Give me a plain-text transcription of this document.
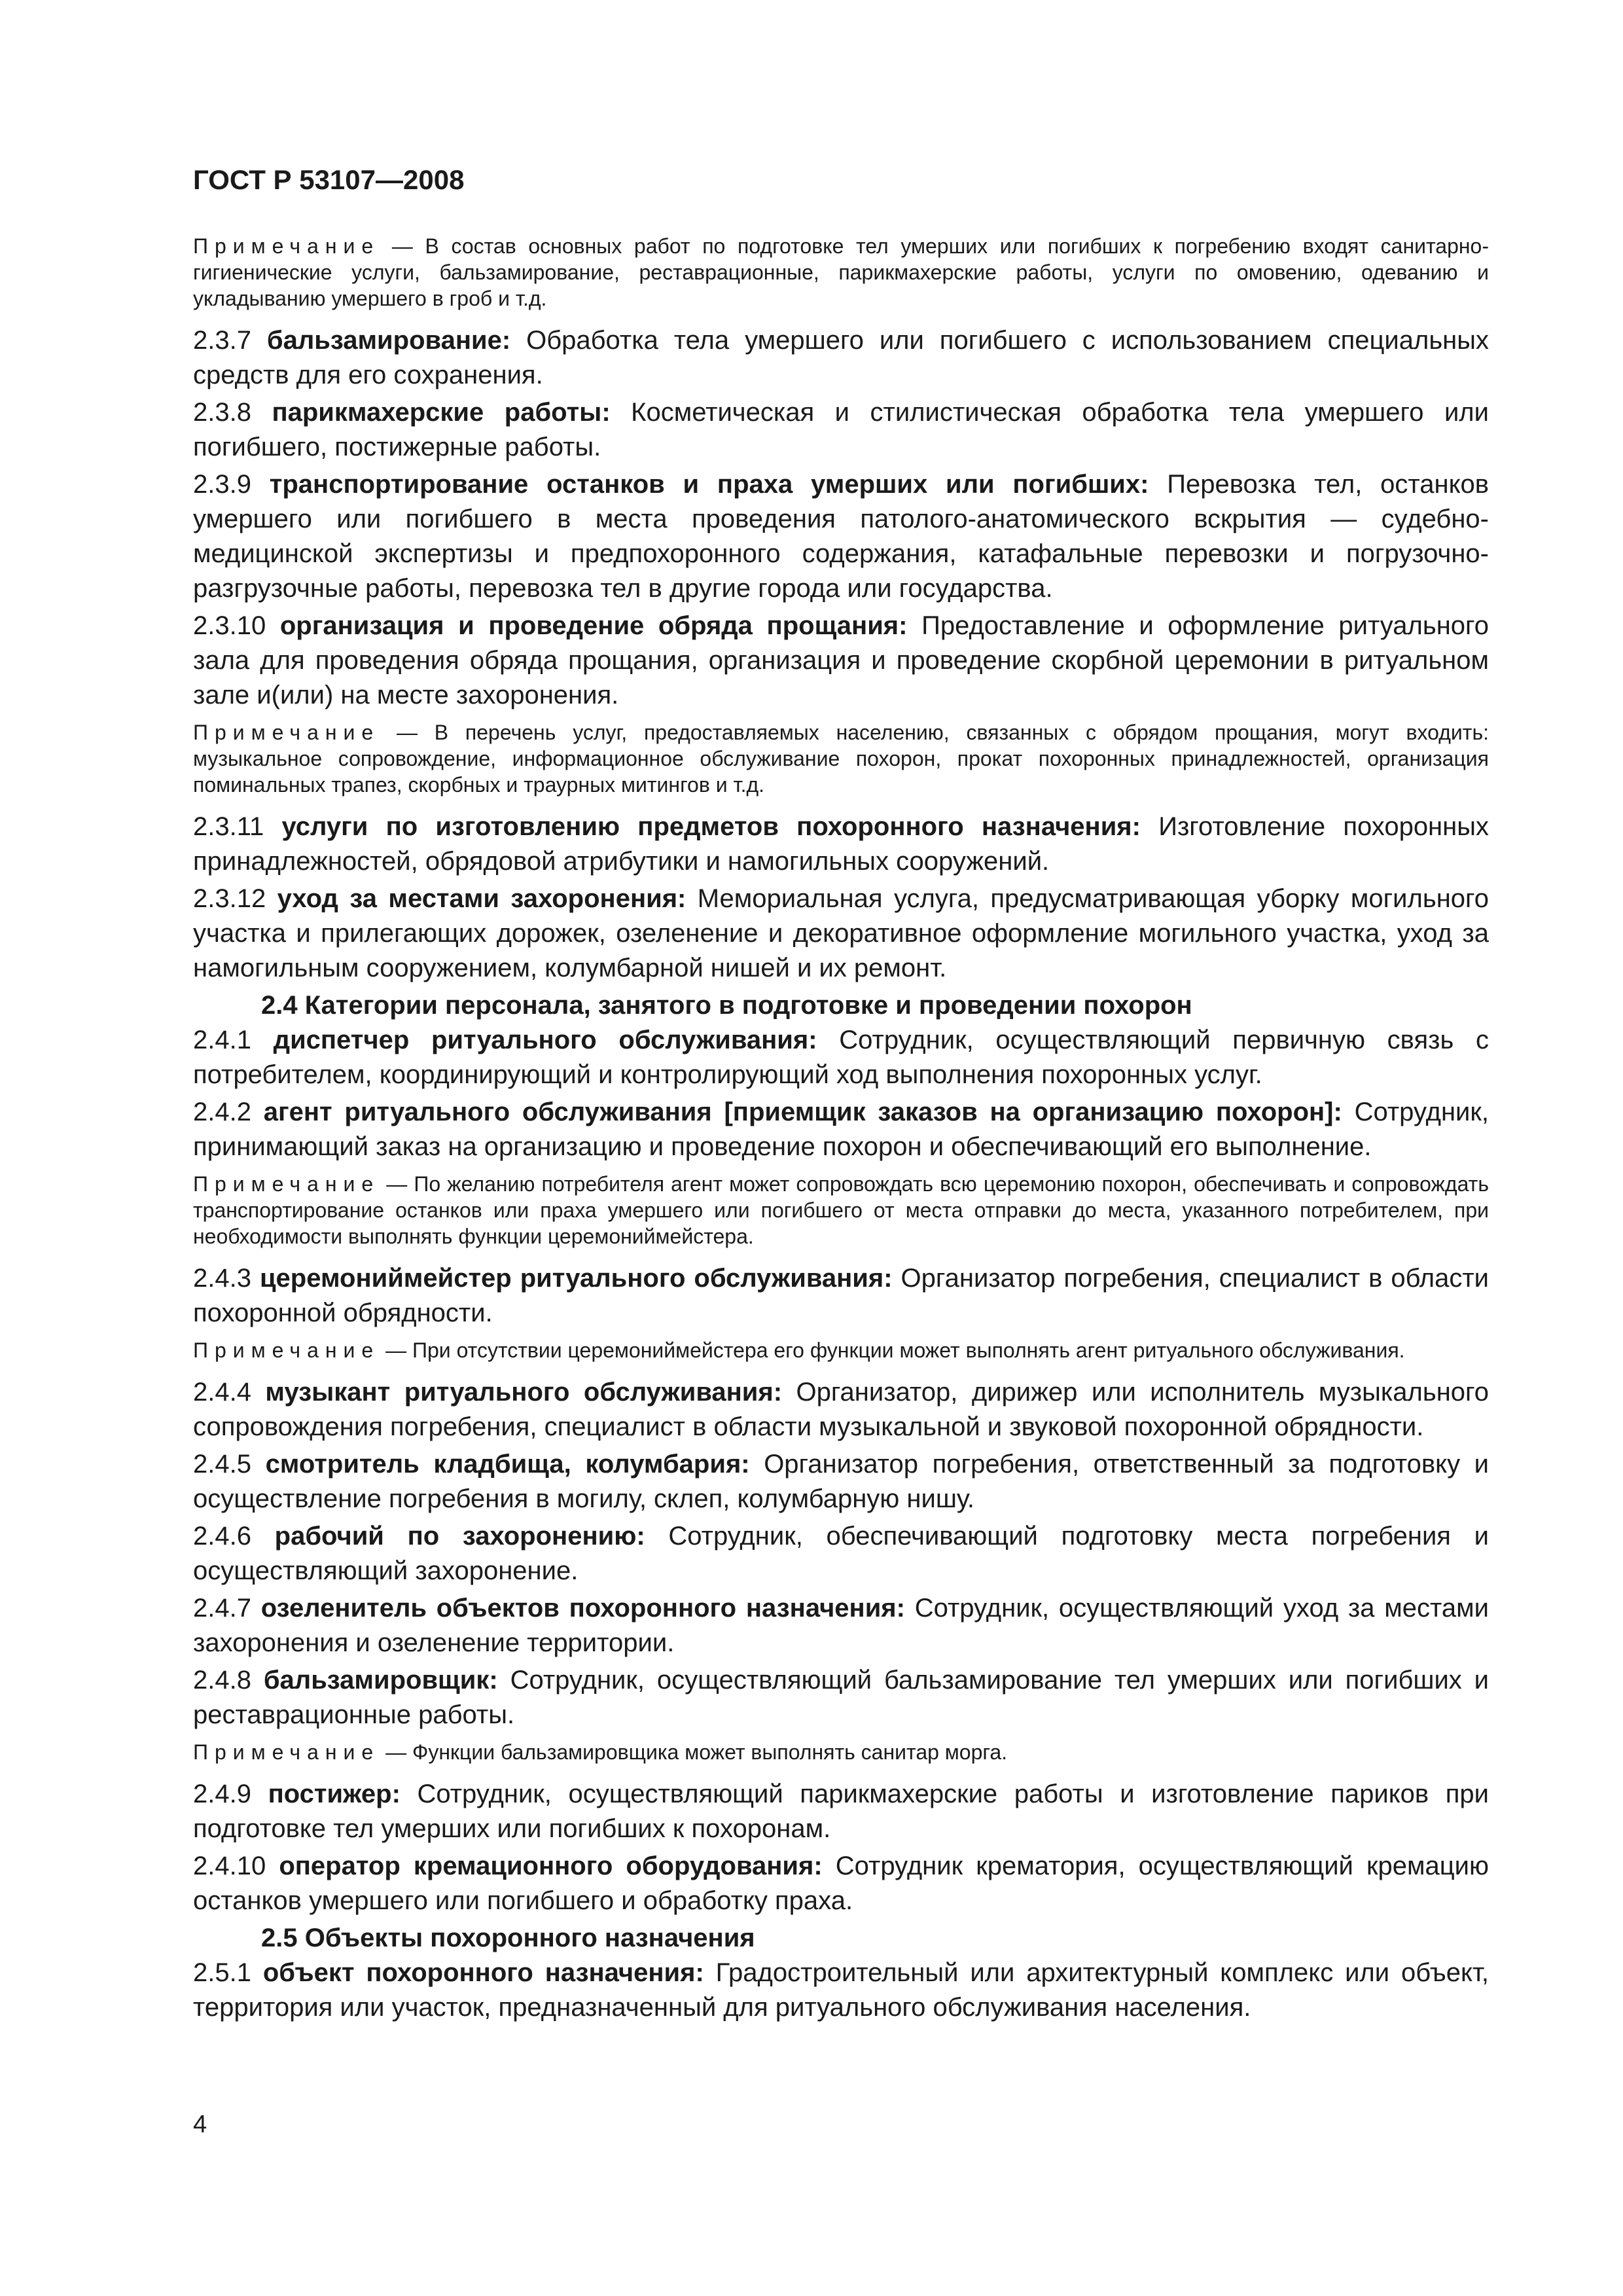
ГОСТ Р 53107—2008

Примечание — В состав основных работ по подготовке тел умерших или погибших к погребению входят санитарно-гигиенические услуги, бальзамирование, реставрационные, парикмахерские работы, услуги по омовению, одеванию и укладыванию умершего в гроб и т.д.

2.3.7 бальзамирование: Обработка тела умершего или погибшего с использованием специальных средств для его сохранения.

2.3.8 парикмахерские работы: Косметическая и стилистическая обработка тела умершего или погибшего, постижерные работы.

2.3.9 транспортирование останков и праха умерших или погибших: Перевозка тел, останков умершего или погибшего в места проведения патолого-анатомического вскрытия — судебно-медицинской экспертизы и предпохоронного содержания, катафальные перевозки и погрузочно-разгрузочные работы, перевозка тел в другие города или государства.

2.3.10 организация и проведение обряда прощания: Предоставление и оформление ритуального зала для проведения обряда прощания, организация и проведение скорбной церемонии в ритуальном зале и(или) на месте захоронения.

Примечание — В перечень услуг, предоставляемых населению, связанных с обрядом прощания, могут входить: музыкальное сопровождение, информационное обслуживание похорон, прокат похоронных принадлежностей, организация поминальных трапез, скорбных и траурных митингов и т.д.

2.3.11 услуги по изготовлению предметов похоронного назначения: Изготовление похоронных принадлежностей, обрядовой атрибутики и намогильных сооружений.

2.3.12 уход за местами захоронения: Мемориальная услуга, предусматривающая уборку могильного участка и прилегающих дорожек, озеленение и декоративное оформление могильного участка, уход за намогильным сооружением, колумбарной нишей и их ремонт.

2.4 Категории персонала, занятого в подготовке и проведении похорон

2.4.1 диспетчер ритуального обслуживания: Сотрудник, осуществляющий первичную связь с потребителем, координирующий и контролирующий ход выполнения похоронных услуг.

2.4.2 агент ритуального обслуживания [приемщик заказов на организацию похорон]: Сотрудник, принимающий заказ на организацию и проведение похорон и обеспечивающий его выполнение.

Примечание — По желанию потребителя агент может сопровождать всю церемонию похорон, обеспечивать и сопровождать транспортирование останков или праха умершего или погибшего от места отправки до места, указанного потребителем, при необходимости выполнять функции церемониймейстера.

2.4.3 церемониймейстер ритуального обслуживания: Организатор погребения, специалист в области похоронной обрядности.

Примечание — При отсутствии церемониймейстера его функции может выполнять агент ритуального обслуживания.

2.4.4 музыкант ритуального обслуживания: Организатор, дирижер или исполнитель музыкального сопровождения погребения, специалист в области музыкальной и звуковой похоронной обрядности.

2.4.5 смотритель кладбища, колумбария: Организатор погребения, ответственный за подготовку и осуществление погребения в могилу, склеп, колумбарную нишу.

2.4.6 рабочий по захоронению: Сотрудник, обеспечивающий подготовку места погребения и осуществляющий захоронение.

2.4.7 озеленитель объектов похоронного назначения: Сотрудник, осуществляющий уход за местами захоронения и озеленение территории.

2.4.8 бальзамировщик: Сотрудник, осуществляющий бальзамирование тел умерших или погибших и реставрационные работы.

Примечание — Функции бальзамировщика может выполнять санитар морга.

2.4.9 постижер: Сотрудник, осуществляющий парикмахерские работы и изготовление париков при подготовке тел умерших или погибших к похоронам.

2.4.10 оператор кремационного оборудования: Сотрудник крематория, осуществляющий кремацию останков умершего или погибшего и обработку праха.

2.5 Объекты похоронного назначения

2.5.1 объект похоронного назначения: Градостроительный или архитектурный комплекс или объект, территория или участок, предназначенный для ритуального обслуживания населения.

4
